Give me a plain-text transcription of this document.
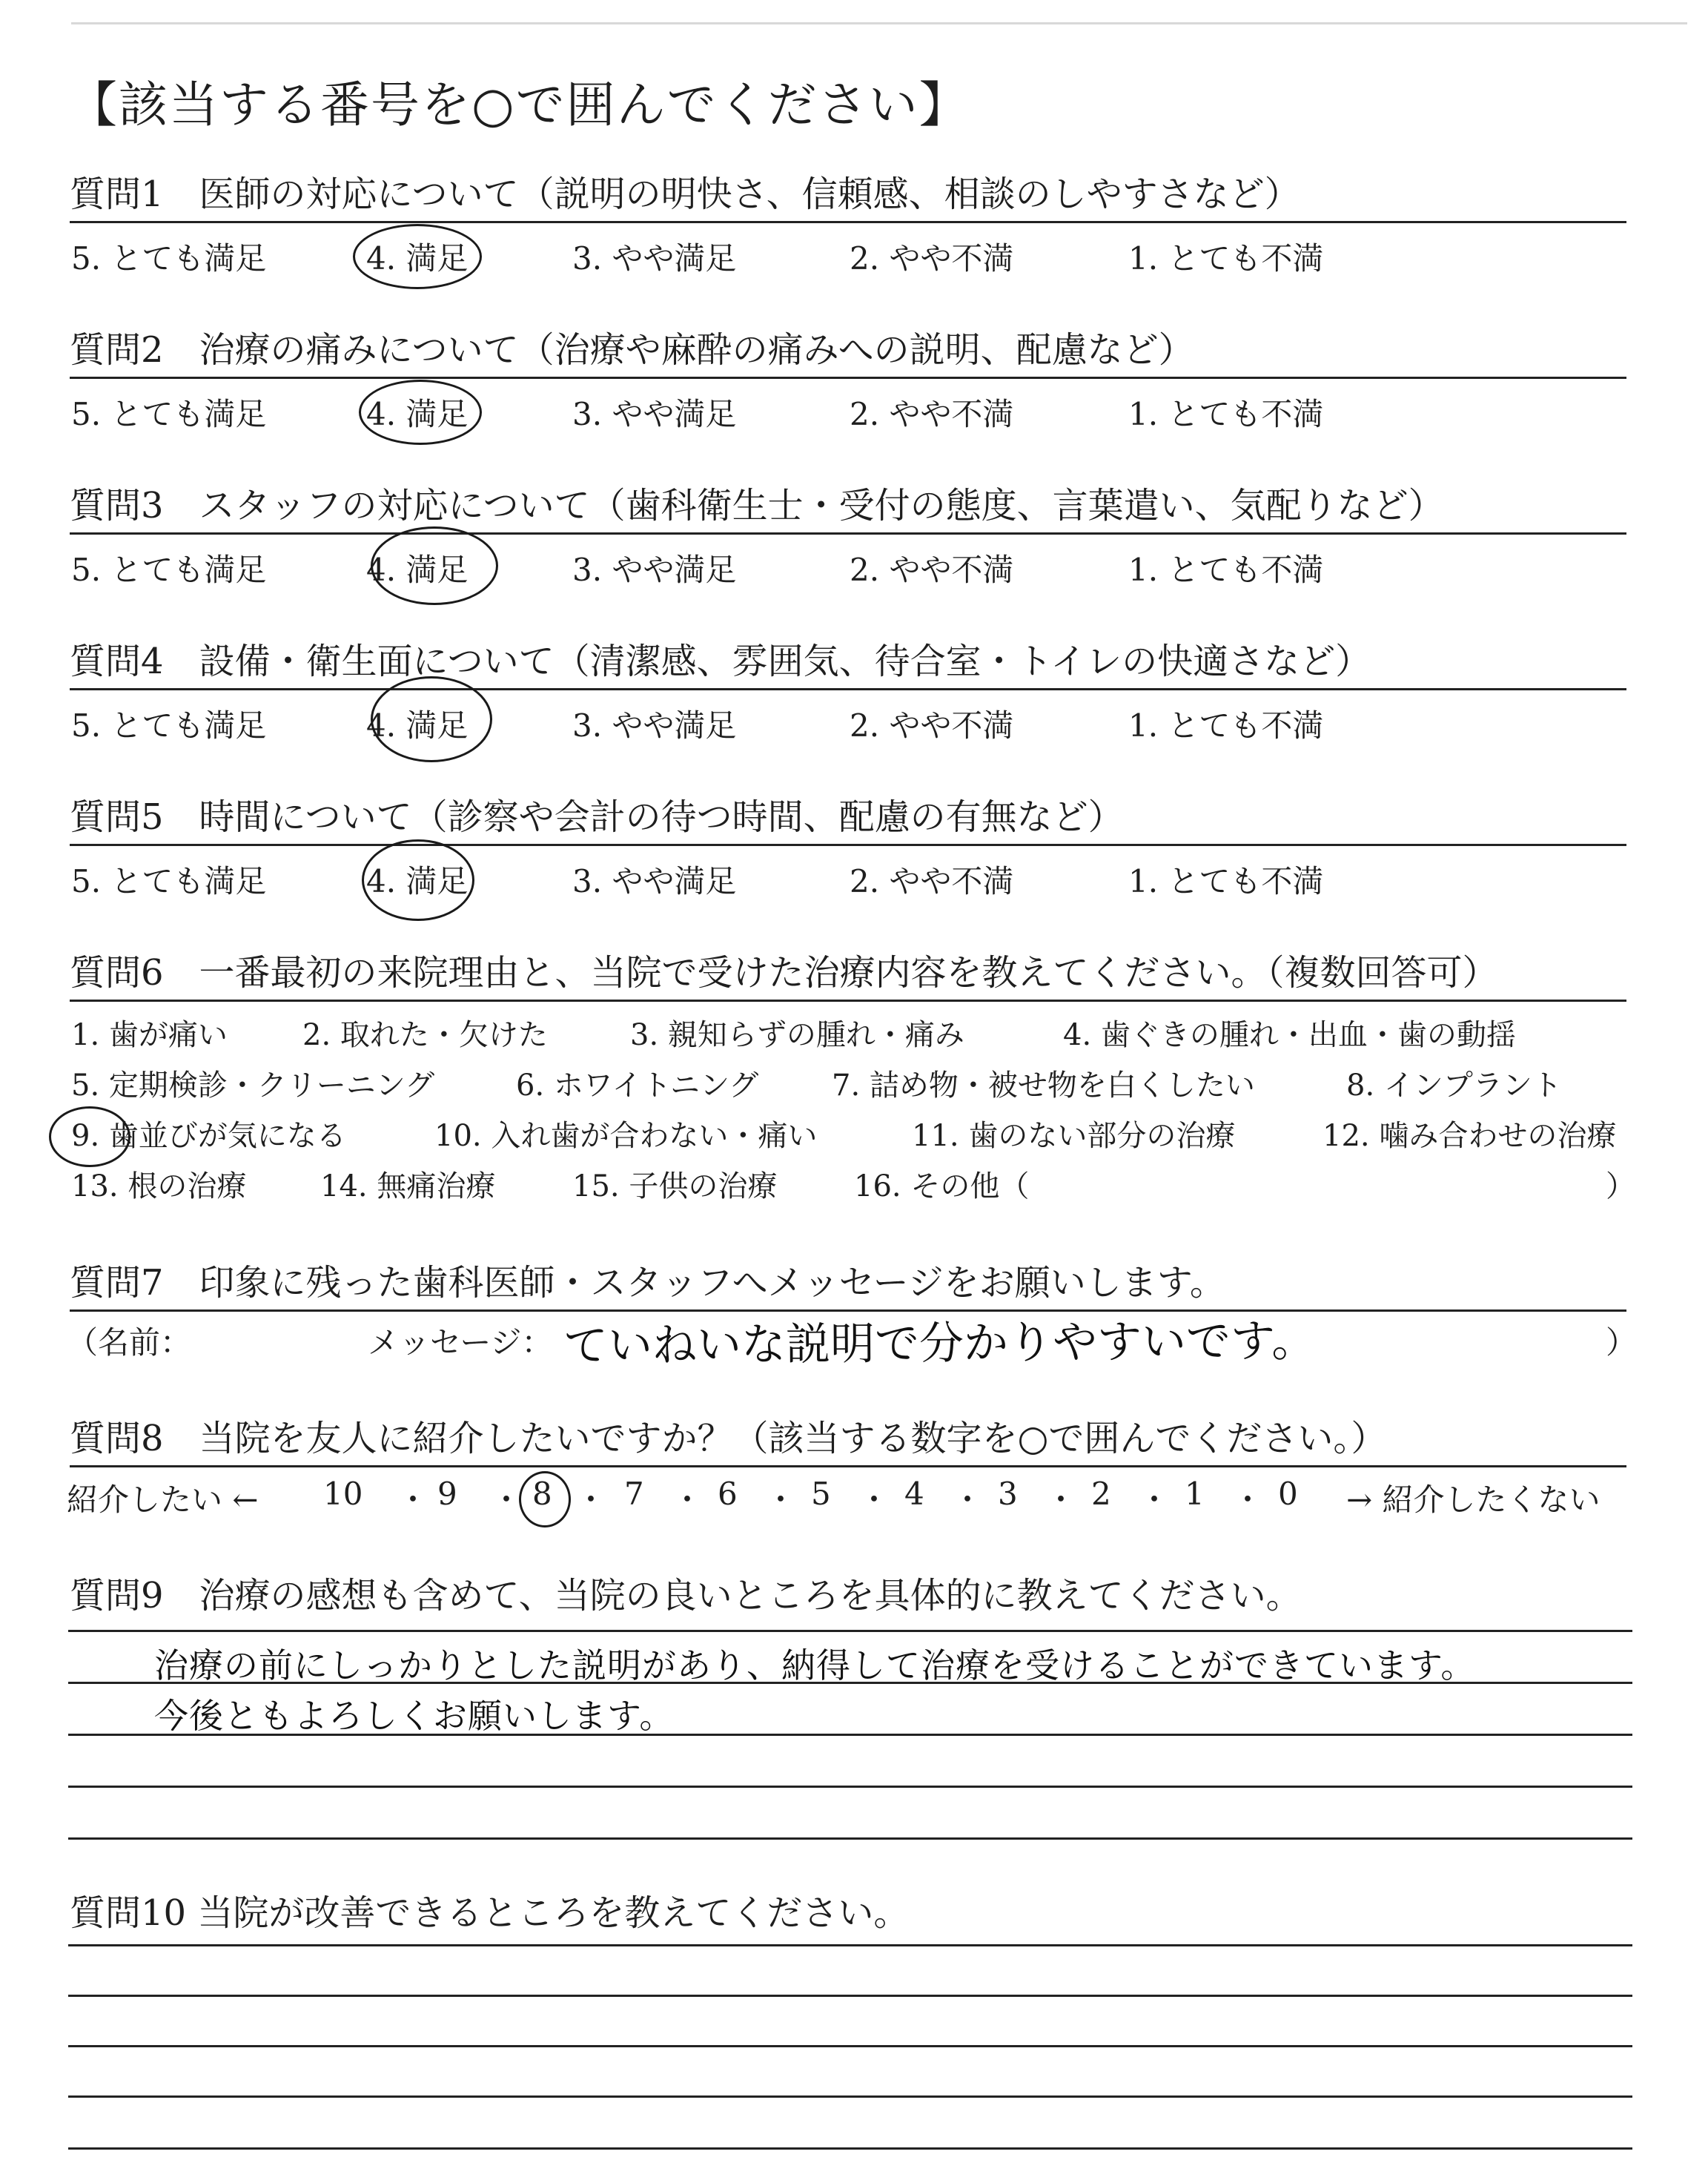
【該当する番号を○で囲んでください】
質問1　医師の対応について（説明の明快さ、信頼感、相談のしやすさなど）
5. とても満足	4. 満足	3. やや満足	2. やや不満	1. とても不満
質問2　治療の痛みについて（治療や麻酔の痛みへの説明、配慮など）
5. とても満足	4. 満足	3. やや満足	2. やや不満	1. とても不満
質問3　スタッフの対応について（歯科衛生士・受付の態度、言葉遣い、気配りなど）
5. とても満足	4. 満足	3. やや満足	2. やや不満	1. とても不満
質問4　設備・衛生面について（清潔感、雰囲気、待合室・トイレの快適さなど）
5. とても満足	4. 満足	3. やや満足	2. やや不満	1. とても不満
質問5　時間について（診察や会計の待つ時間、配慮の有無など）
5. とても満足	4. 満足	3. やや満足	2. やや不満	1. とても不満
質問6　一番最初の来院理由と、当院で受けた治療内容を教えてください。（複数回答可）
1. 歯が痛い	2. 取れた・欠けた	3. 親知らずの腫れ・痛み	4. 歯ぐきの腫れ・出血・歯の動揺
5. 定期検診・クリーニング	6. ホワイトニング 7. 詰め物・被せ物を白くしたい	8. インプラント
9. 歯並びが気になる	10. 入れ歯が合わない・痛い	11. 歯のない部分の治療	12. 噛み合わせの治療
13. 根の治療 14. 無痛治療	15. 子供の治療	16. その他（	）
質問7　印象に残った歯科医師・スタッフへメッセージをお願いします。
（名前：	メッセージ：	）
ていねいな説明で分かりやすいです。
質問8　当院を友人に紹介したいですか？（該当する数字を○で囲んでください。）
紹介したい ← 10 ・ 9 ・ 8 ・ 7 ・ 6 ・ 5 ・ 4 ・ 3 ・ 2 ・ 1 ・ 0 → 紹介したくない
質問9　治療の感想も含めて、当院の良いところを具体的に教えてください。
治療の前にしっかりとした説明があり、納得して治療を受けることができています。
今後ともよろしくお願いします。
質問10 当院が改善できるところを教えてください。
